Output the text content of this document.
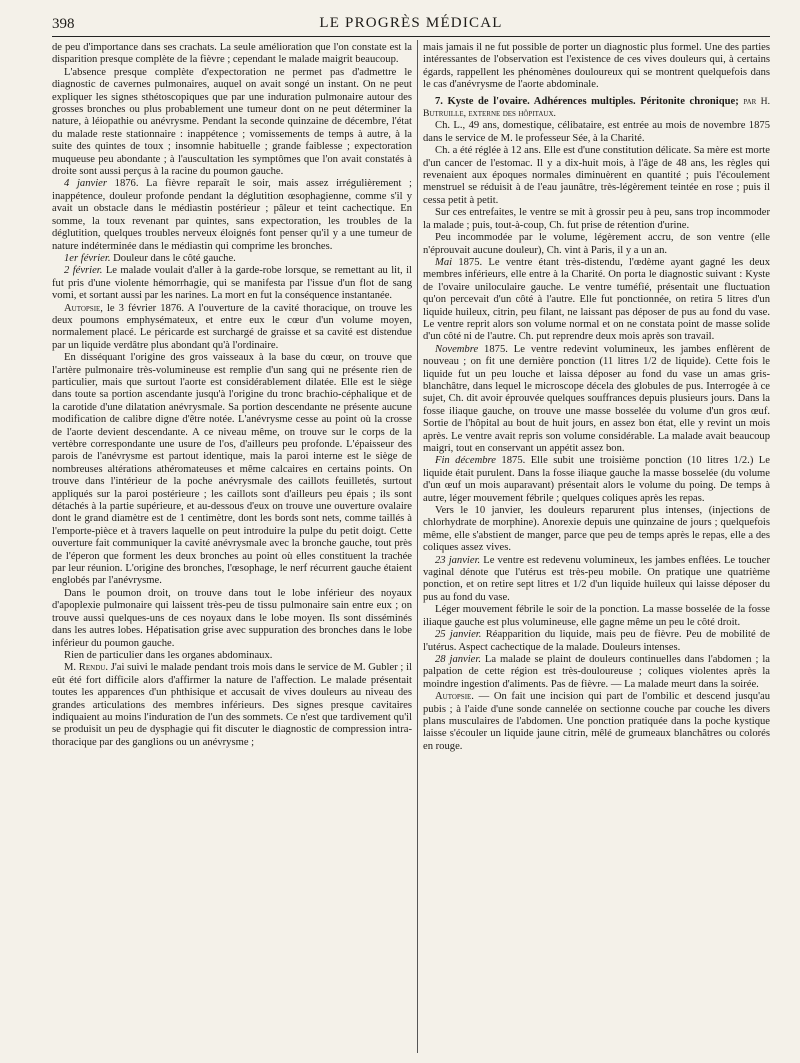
398	LE PROGRÈS MÉDICAL

de peu d'importance dans ses crachats. La seule amélioration que l'on constate est la disparition presque complète de la fièvre ; cependant le malade maigrit beaucoup.

L'absence presque complète d'expectoration ne permet pas d'admettre le diagnostic de cavernes pulmonaires, auquel on avait songé un instant. On ne peut expliquer les signes sthétoscopiques que par une induration pulmonaire autour des grosses bronches ou plus probablement une tumeur dont on ne peut déterminer la nature, à léiopathie ou anévrysme. Pendant la seconde quinzaine de décembre, l'état du malade reste stationnaire : inappétence ; vomissements de temps à autre, à la suite des quintes de toux ; insomnie habituelle ; grande faiblesse ; expectoration muqueuse peu abondante ; à l'auscultation les symptômes que l'on avait constatés à droite sont aussi perçus à la racine du poumon gauche.

4 janvier 1876. La fièvre reparaît le soir, mais assez irrégulièrement ; inappétence, douleur profonde pendant la déglutition œsophagienne, comme s'il y avait un obstacle dans le médiastin postérieur ; pâleur et teint cachectique. En somme, la toux revenant par quintes, sans expectoration, les troubles de la déglutition, quelques troubles nerveux éloignés font penser qu'il y a une tumeur de nature indéterminée dans le médiastin qui comprime les bronches.

1er février. Douleur dans le côté gauche.

2 février. Le malade voulait d'aller à la garde-robe lorsque, se remettant au lit, il fut pris d'une violente hémorrhagie, qui se manifesta par l'issue d'un flot de sang vomi, et sortant aussi par les narines. La mort en fut la conséquence instantanée.

Autopsie, le 3 février 1876. A l'ouverture de la cavité thoracique, on trouve les deux poumons emphysémateux, et entre eux le cœur d'un volume moyen, normalement placé. Le péricarde est surchargé de graisse et sa cavité est distendue par un liquide verdâtre plus abondant qu'à l'ordinaire.

En disséquant l'origine des gros vaisseaux à la base du cœur, on trouve que l'artère pulmonaire très-volumineuse est remplie d'un sang qui ne présente rien de particulier, mais que surtout l'aorte est considérablement dilatée. Elle est le siège dans toute sa portion ascendante jusqu'à l'origine du tronc brachio-céphalique et de la carotide d'une dilatation anévrysmale. Sa portion descendante ne présente aucune modification de calibre digne d'être notée. L'anévrysme cesse au point où la crosse de l'aorte devient descendante. A ce niveau même, on trouve sur le corps de la vertèbre correspondante une usure de l'os, d'ailleurs peu profonde. L'épaisseur des parois de l'anévrysme est partout identique, mais la paroi interne est le siège de nombreuses altérations athéromateuses et même calcaires en certains points. On trouve dans l'intérieur de la poche anévrysmale des caillots feuilletés, surtout appliqués sur la paroi postérieure ; les caillots sont d'ailleurs peu épais ; ils sont détachés à la partie supérieure, et au-dessous d'eux on trouve une ouverture ovalaire dont le grand diamètre est de 1 centimètre, dont les bords sont nets, comme taillés à l'emporte-pièce et à travers laquelle on peut introduire la pulpe du petit doigt. Cette ouverture fait communiquer la cavité anévrysmale avec la bronche gauche, tout près de l'éperon que forment les deux bronches au point où elles constituent la trachée par leur réunion. L'origine des bronches, l'œsophage, le nerf récurrent gauche étaient englobés par l'anévrysme.

Dans le poumon droit, on trouve dans tout le lobe inférieur des noyaux d'apoplexie pulmonaire qui laissent très-peu de tissu pulmonaire sain entre eux ; on trouve aussi quelques-uns de ces noyaux dans le lobe moyen. Ils sont disséminés dans les autres lobes. Hépatisation grise avec suppuration des bronches dans le lobe inférieur du poumon gauche.

Rien de particulier dans les organes abdominaux.

M. Rendu. J'ai suivi le malade pendant trois mois dans le service de M. Gubler ; il eût été fort difficile alors d'affirmer la nature de l'affection. Le malade présentait toutes les apparences d'un phthisique et accusait de vives douleurs au niveau des grandes articulations des membres inférieurs. Des signes presque cavitaires indiquaient au moins l'induration de l'un des sommets. Ce n'est que tardivement qu'il se produisit un peu de dysphagie qui fit discuter le diagnostic de compression intra-thoracique par des ganglions ou un anévrysme ;

mais jamais il ne fut possible de porter un diagnostic plus formel. Une des parties intéressantes de l'observation est l'existence de ces vives douleurs qui, à certains égards, rappellent les phénomènes douloureux qui se montrent quelquefois dans le cas d'anévrysme de l'aorte abdominale.

7. Kyste de l'ovaire. Adhérences multiples. Péritonite chronique; par H. Butruille, externe des hôpitaux.

Ch. L., 49 ans, domestique, célibataire, est entrée au mois de novembre 1875 dans le service de M. le professeur Sée, à la Charité.

Ch. a été réglée à 12 ans. Elle est d'une constitution délicate. Sa mère est morte d'un cancer de l'estomac. Il y a dix-huit mois, à l'âge de 48 ans, les règles qui revenaient aux époques normales diminuèrent en quantité ; puis l'écoulement menstruel se réduisit à de l'eau jaunâtre, très-légèrement teintée en rose ; puis il cessa petit à petit.

Sur ces entrefaites, le ventre se mit à grossir peu à peu, sans trop incommoder la malade ; puis, tout-à-coup, Ch. fut prise de rétention d'urine.

Peu incommodée par le volume, légèrement accru, de son ventre (elle n'éprouvait aucune douleur), Ch. vint à Paris, il y a un an.

Mai 1875. Le ventre étant très-distendu, l'œdème ayant gagné les deux membres inférieurs, elle entre à la Charité. On porta le diagnostic suivant : Kyste de l'ovaire uniloculaire gauche. Le ventre tuméfié, présentait une fluctuation qu'on percevait d'un côté à l'autre. Elle fut ponctionnée, on retira 5 litres d'un liquide huileux, citrin, peu filant, ne laissant pas déposer de pus au fond du vase. Le ventre reprit alors son volume normal et on ne constata point de masse solide d'un côté ni de l'autre. Ch. put reprendre deux mois après son travail.

Novembre 1875. Le ventre redevint volumineux, les jambes enflèrent de nouveau ; on fit une dernière ponction (11 litres 1/2 de liquide). Cette fois le liquide fut un peu louche et laissa déposer au fond du vase un amas gris-blanchâtre, dans lequel le microscope décela des globules de pus. Interrogée à ce sujet, Ch. dit avoir éprouvée quelques souffrances depuis plusieurs jours. Dans la fosse iliaque gauche, on trouve une masse bosselée du volume d'un gros œuf. Sortie de l'hôpital au bout de huit jours, en assez bon état, elle y revint un mois après. Le ventre avait repris son volume considérable. La malade avait beaucoup maigri, tout en conservant un appétit assez bon.

Fin décembre 1875. Elle subit une troisième ponction (10 litres 1/2.) Le liquide était purulent. Dans la fosse iliaque gauche la masse bosselée (du volume d'un œuf un mois auparavant) présentait alors le volume du poing. De temps à autre, léger mouvement fébrile ; quelques coliques après les repas.

Vers le 10 janvier, les douleurs reparurent plus intenses, (injections de chlorhydrate de morphine). Anorexie depuis une quinzaine de jours ; quelquefois même, elle s'abstient de manger, parce que peu de temps après le repas, elle a des coliques assez vives.

23 janvier. Le ventre est redevenu volumineux, les jambes enflées. Le toucher vaginal dénote que l'utérus est très-peu mobile. On pratique une quatrième ponction, et on retire sept litres et 1/2 d'un liquide huileux qui laisse déposer du pus au fond du vase.

Léger mouvement fébrile le soir de la ponction. La masse bosselée de la fosse iliaque gauche est plus volumineuse, elle gagne même un peu le côté droit.

25 janvier. Réapparition du liquide, mais peu de fièvre. Peu de mobilité de l'utérus. Aspect cachectique de la malade. Douleurs intenses.

28 janvier. La malade se plaint de douleurs continuelles dans l'abdomen ; la palpation de cette région est très-douloureuse ; coliques violentes après la moindre ingestion d'aliments. Pas de fièvre. — La malade meurt dans la soirée.

Autopsie. — On fait une incision qui part de l'ombilic et descend jusqu'au pubis ; à l'aide d'une sonde cannelée on sectionne couche par couche les divers plans musculaires de l'abdomen. Une ponction pratiquée dans la poche kystique laisse s'écouler un liquide jaune citrin, mêlé de grumeaux blanchâtres ou colorés en rouge.
